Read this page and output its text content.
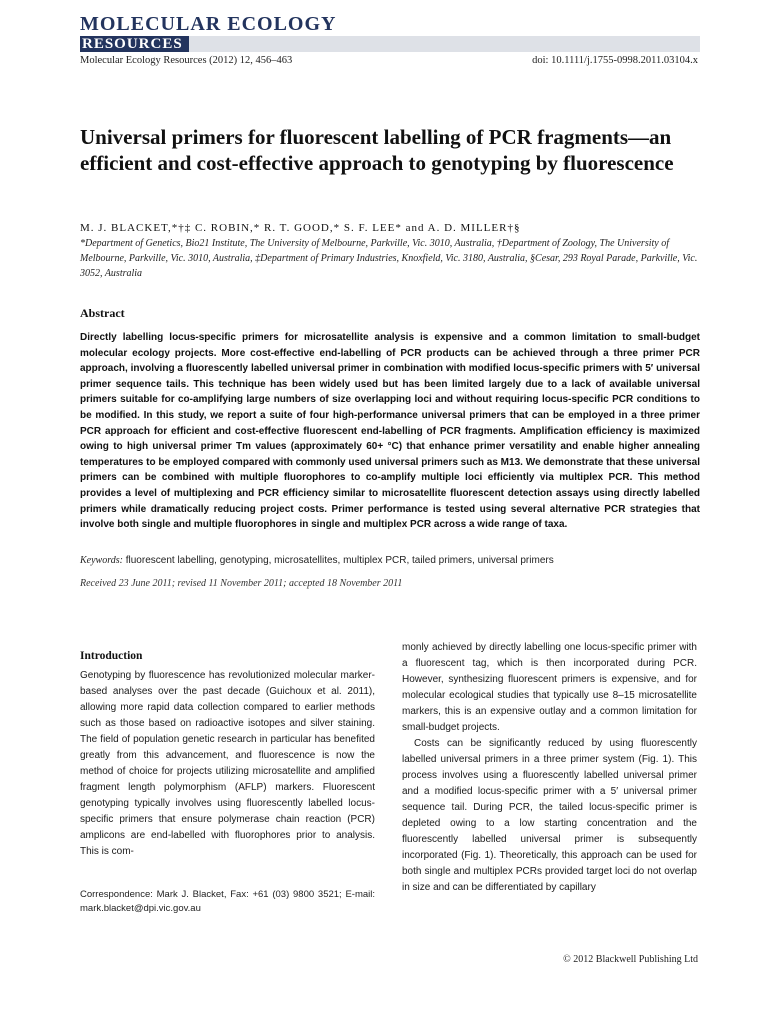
MOLECULAR ECOLOGY
RESOURCES
Molecular Ecology Resources (2012) 12, 456–463	doi: 10.1111/j.1755-0998.2011.03104.x
Universal primers for fluorescent labelling of PCR fragments—an efficient and cost-effective approach to genotyping by fluorescence
M. J. BLACKET,*†‡ C. ROBIN,* R. T. GOOD,* S. F. LEE* and A. D. MILLER†§
*Department of Genetics, Bio21 Institute, The University of Melbourne, Parkville, Vic. 3010, Australia, †Department of Zoology, The University of Melbourne, Parkville, Vic. 3010, Australia, ‡Department of Primary Industries, Knoxfield, Vic. 3180, Australia, §Cesar, 293 Royal Parade, Parkville, Vic. 3052, Australia
Abstract

Directly labelling locus-specific primers for microsatellite analysis is expensive and a common limitation to small-budget molecular ecology projects. More cost-effective end-labelling of PCR products can be achieved through a three primer PCR approach, involving a fluorescently labelled universal primer in combination with modified locus-specific primers with 5′ universal primer sequence tails. This technique has been widely used but has been limited largely due to a lack of available universal primers suitable for co-amplifying large numbers of size overlapping loci and without requiring locus-specific PCR conditions to be modified. In this study, we report a suite of four high-performance universal primers that can be employed in a three primer PCR approach for efficient and cost-effective fluorescent end-labelling of PCR fragments. Amplification efficiency is maximized owing to high universal primer Tm values (approximately 60+ °C) that enhance primer versatility and enable higher annealing temperatures to be employed compared with commonly used universal primers such as M13. We demonstrate that these universal primers can be combined with multiple fluorophores to co-amplify multiple loci efficiently via multiplex PCR. This method provides a level of multiplexing and PCR efficiency similar to microsatellite fluorescent detection assays using directly labelled primers while dramatically reducing project costs. Primer performance is tested using several alternative PCR strategies that involve both single and multiple fluorophores in single and multiplex PCR across a wide range of taxa.

Keywords: fluorescent labelling, genotyping, microsatellites, multiplex PCR, tailed primers, universal primers
Received 23 June 2011; revised 11 November 2011; accepted 18 November 2011
Introduction

Genotyping by fluorescence has revolutionized molecular marker-based analyses over the past decade (Guichoux et al. 2011), allowing more rapid data collection compared to earlier methods such as those based on radioactive isotopes and silver staining. The field of population genetic research in particular has benefited greatly from this advancement, and fluorescence is now the method of choice for projects utilizing microsatellite and amplified fragment length polymorphism (AFLP) markers. Fluorescent genotyping typically involves using fluorescently labelled locus-specific primers that ensure polymerase chain reaction (PCR) amplicons are end-labelled with fluorophores prior to analysis. This is com-

Correspondence: Mark J. Blacket, Fax: +61 (03) 9800 3521; E-mail: mark.blacket@dpi.vic.gov.au

monly achieved by directly labelling one locus-specific primer with a fluorescent tag, which is then incorporated during PCR. However, synthesizing fluorescent primers is expensive, and for molecular ecological studies that typically use 8–15 microsatellite markers, this is an expensive outlay and a common limitation for small-budget projects.

Costs can be significantly reduced by using fluorescently labelled universal primers in a three primer system (Fig. 1). This process involves using a fluorescently labelled universal primer and a modified locus-specific primer with a 5′ universal primer sequence tail. During PCR, the tailed locus-specific primer is depleted owing to a low starting concentration and the fluorescently labelled universal primer is subsequently incorporated (Fig. 1). Theoretically, this approach can be used for both single and multiplex PCRs provided target loci do not overlap in size and can be differentiated by capillary

© 2012 Blackwell Publishing Ltd
